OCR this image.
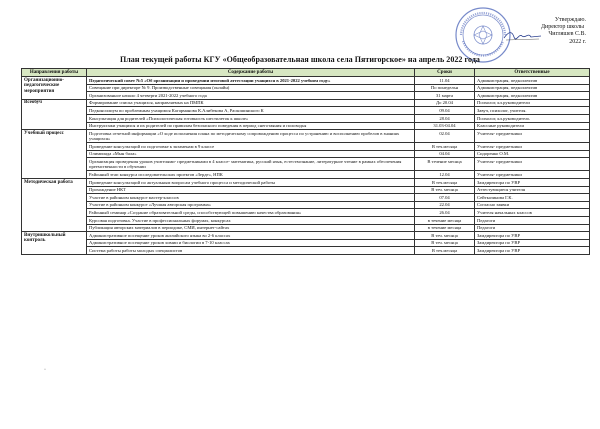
Утверждаю.
Директор школы
Чигляшев С.В.
2022 г.
План текущей работы КГУ «Общеобразовательная школа села Пятигорское» на апрель 2022 года
Направления работы	Содержание работы	Сроки	Ответственные
Организационно-педагогические мероприятия	Педагогический совет №5 «Об организации и проведении итоговой аттестации учащихся в 2021-2022 учебном году»	11.04	Администрация, педколлектив
	Совещание при директоре № 9. Производственные совещания (онлайн)	По понедельн	Администрация, педколлектив
	Организованное начало 4 четверти 2021-2022 учебного года	31 марта	Администрация, педколлектив
Всеобуч	Формирование списка учащихся, направляемых на ПМПК	До 20.04	Психолог, кл.руководители
	Педконсилиум по проблемным учащимся Кагарманова К.Алибекова А, Раскошинского К	09.04	Завуч, психолог, учителя.
	Консультация для родителей «Психологическая готовность шестилеток к школе»	28.04	Психолог, кл.руководитель
	Инструктажи учащихся и их родителей по правилам безопасного поведения в период снеготаяния и половодья	31.03-04.04	Классные руководители
Учебный процесс	Подготовка отчетной информации «О ходе исполнения плана по методическому сопровождению процесса по устранению и восполнению пробелов в знаниях учащихся»	02.04	Учителя- предметники
	Проведение консультаций по подготовке к экзаменам в 9 классе	В теч.месяца	Учителя- предметники
	Олимпиада «Мын бала»	04.04	Сидоренко О.М.
	Организация проведения уроков учителями- предметниками в 4 классе- математика, русский язык, естествознание, литературное чтение в рамках обеспечения преемственности в обучении	В течение месяца	Учителя- предметники
	Районный этап конкурса исследовательских проектов «Зерде», НПК	12.04	Учителя- предметники
Методическая работа	Проведение консультаций по актуальным вопросам учебного процесса и методической работы	В теч.месяца	Замдиректора по УВР
	Прохождение НКТ	В теч. месяца	Аттестующиеся учителя
	Участие в районном конкурсе мастер-классов	07.04	Сейтказинова Г.К.
	Участие в районном конкурсе «Лучшая авторская программа»	22.04	Согласно заявки
	Районный семинар «Создание образовательной среды, способствующей повышению качества образования»	26.04	Учителя начальных классов
	Курсовая подготовка. Участие в профессиональных форумах, конкурсах	в течение месяца	Педагоги
	Публикация авторских материалов в периодике, СМИ, интернет-сайтах	в течение месяца	Педагоги
Внутришкольный контроль	Административное посещение уроков английского языка во 2-6 классах	В теч. месяца	Замдиректора по УВР
	Административное посещение уроков химии и биологии в 7-10 классах	В теч. месяца	Замдиректора по УВР
	Система работы работы молодых специалистов	В теч.месяца	Замдиректора по УВР
·
